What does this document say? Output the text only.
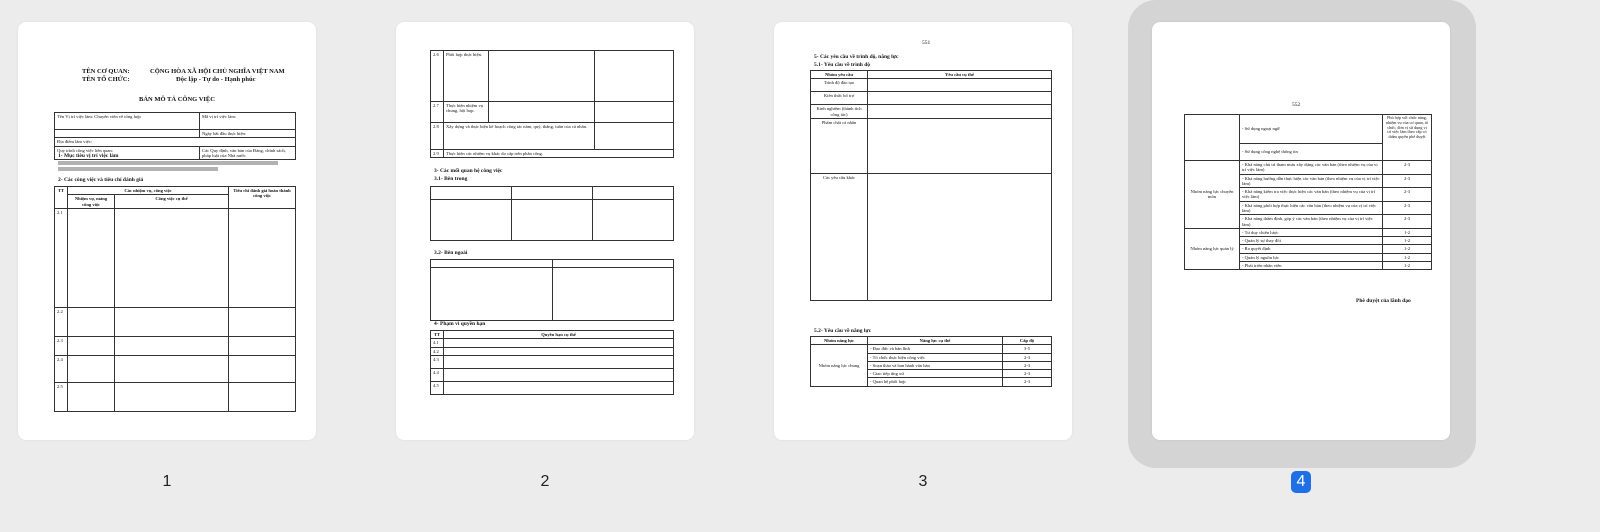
TÊN CƠ QUAN:
TÊN TỔ CHỨC:
CỘNG HÒA XÃ HỘI CHỦ NGHĨA VIỆT NAM
Độc lập - Tự do - Hạnh phúc
BẢN MÔ TẢ CÔNG VIỆC
Tên Vị trí việc làm: Chuyên viên về tổng hợp	Mã vị trí việc làm:
	Ngày bắt đầu thực hiện:
Địa điểm làm việc:	
Quy trình công việc liên quan:	Các Quy định, văn bản của Đảng, chính sách, pháp luật của Nhà nước
1- Mục tiêu vị trí việc làm
2- Các công việc và tiêu chí đánh giá
TT	Các nhiệm vụ, công việc		Tiêu chí đánh giá hoàn thành công việc
	Nhiệm vụ, mảng công việc	Công việc cụ thể	
2.1			
2.2			
2.3			
2.4			
2.5			
1
2.6	Phối hợp thực hiện.		
2.7	Thực hiện nhiệm vụ chung, hội họp.		
2.8	Xây dựng và thực hiện kế hoạch công tác năm, quý, tháng, tuần của cá nhân.		
2.9	Thực hiện các nhiệm vụ khác do cấp trên phân công.		
3- Các mối quan hệ công việc
3.1- Bên trong

3.2- Bên ngoài

4- Phạm vi quyền hạn
TT	Quyền hạn cụ thể
4.1	
4.2	
4.3	
4.4	
4.5	
2
551
5- Các yêu cầu về trình độ, năng lực
5.1- Yêu cầu về trình độ
Nhóm yêu cầu	Yêu cầu cụ thể
Trình độ đào tạo	
Kiến thức bổ trợ	
Kinh nghiệm (thành tích công tác)	
Phẩm chất cá nhân	
Các yêu cầu khác	
5.2- Yêu cầu về năng lực
Nhóm năng lực	Năng lực cụ thể	Cấp độ
Nhóm năng lực chung	- Đạo đức và bản lĩnh	3-5
	- Tổ chức thực hiện công việc	2-3
	- Soạn thảo và ban hành văn bản	2-3
	- Giao tiếp ứng xử	2-3
	- Quan hệ phối hợp	2-3
3
552
	- Sử dụng ngoại ngữ	Phù hợp với chức năng, nhiệm vụ của cơ quan, tổ chức, đơn vị sử dụng vị trí việc làm theo cấp có thẩm quyền phê duyệt
	- Sử dụng công nghệ thông tin	
Nhóm năng lực chuyên môn	- Khả năng chủ trì tham mưu xây dựng các văn bản (theo nhiệm vụ của vị trí việc làm)	2-3
	- Khả năng hướng dẫn thực hiện các văn bản (theo nhiệm vụ của vị trí việc làm)	2-3
	- Khả năng kiểm tra việc thực hiện các văn bản (theo nhiệm vụ của vị trí việc làm)	2-3
	- Khả năng phối hợp thực hiện các văn bản (theo nhiệm vụ của vị trí việc làm)	2-3
	- Khả năng thẩm định, góp ý các văn bản (theo nhiệm vụ của vị trí việc làm)	2-3
Nhóm năng lực quản lý	- Tư duy chiến lược	1-2
	- Quản lý sự thay đổi	1-2
	- Ra quyết định	1-2
	- Quản lý nguồn lực	1-2
	- Phát triển nhân viên	1-2
Phê duyệt của lãnh đạo
4
